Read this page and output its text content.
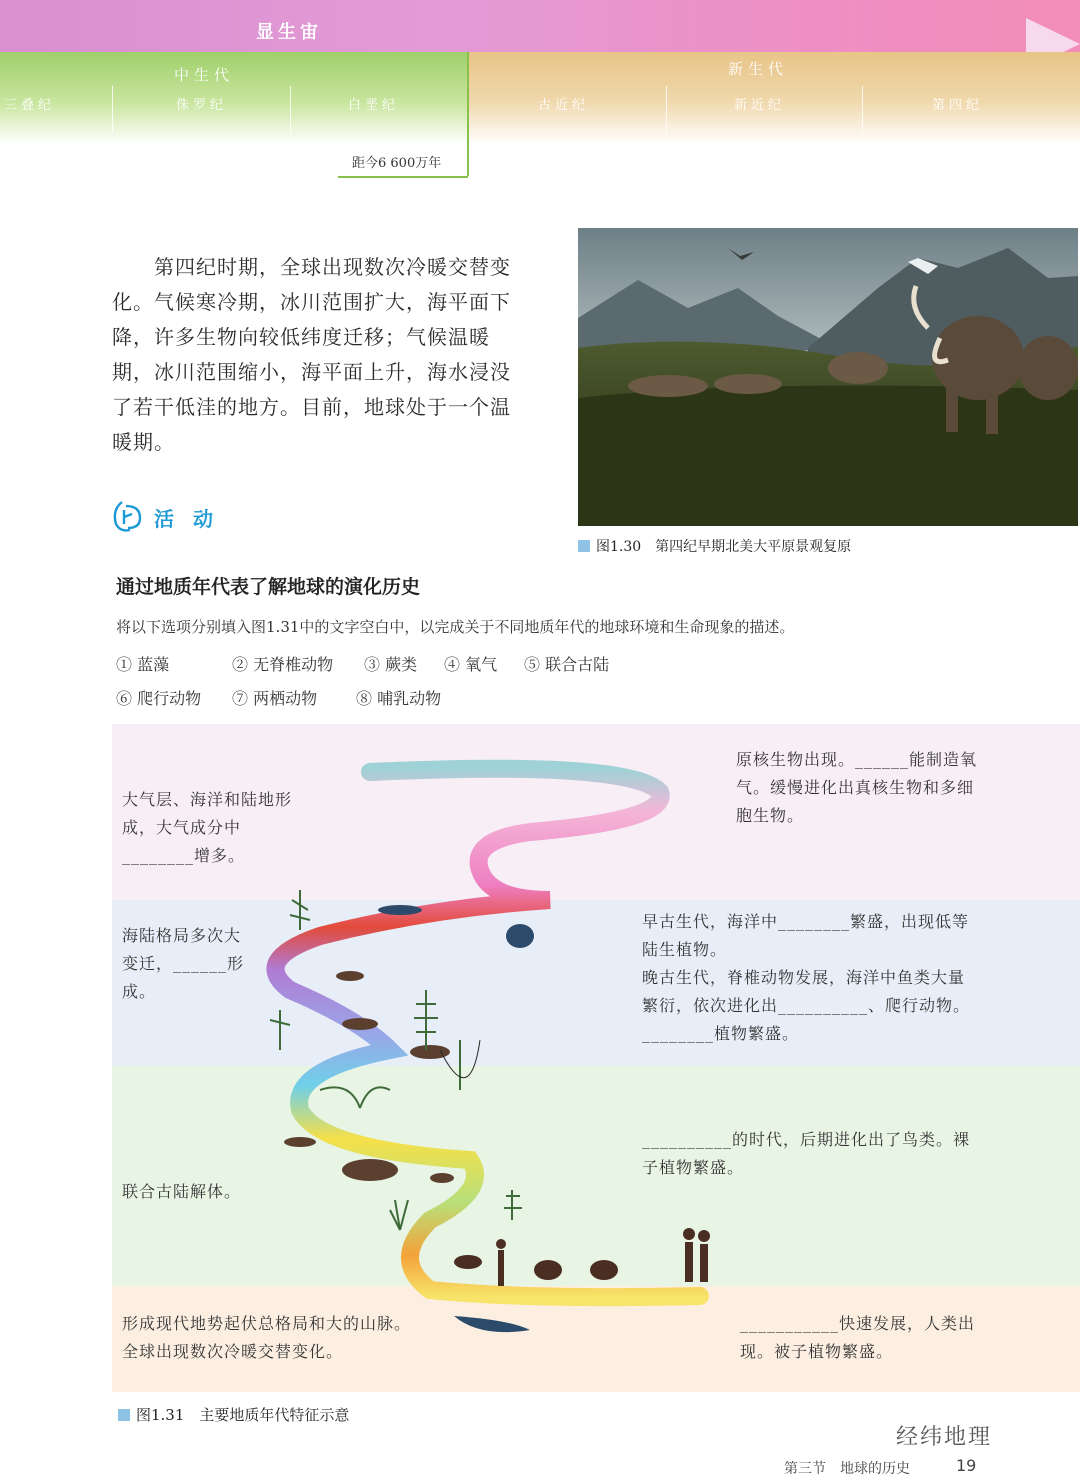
显生宙
中生代	新生代
三叠纪	侏罗纪	白垩纪	古近纪	新近纪	第四纪
距今6 600万年
第四纪时期，全球出现数次冷暖交替变化。气候寒冷期，冰川范围扩大，海平面下降，许多生物向较低纬度迁移；气候温暖期，冰川范围缩小，海平面上升，海水浸没了若干低洼的地方。目前，地球处于一个温暖期。
图1.30　 第四纪早期北美大平原景观复原
活 动
通过地质年代表了解地球的演化历史
将以下选项分别填入图1.31中的文字空白中，以完成关于不同地质年代的地球环境和生命现象的描述。
① 蓝藻	② 无脊椎动物 ③ 蕨类 ④ 氧气 ⑤ 联合古陆
⑥ 爬行动物 ⑦ 两栖动物 ⑧ 哺乳动物
大气层、海洋和陆地形成，大气成分中________增多。
海陆格局多次大变迁，______形成。
联合古陆解体。
形成现代地势起伏总格局和大的山脉。全球出现数次冷暖交替变化。
原核生物出现。______能制造氧气。缓慢进化出真核生物和多细胞生物。
早古生代，海洋中________繁盛，出现低等陆生植物。
晚古生代，脊椎动物发展，海洋中鱼类大量繁衍，依次进化出__________、爬行动物。________植物繁盛。
__________的时代，后期进化出了鸟类。裸子植物繁盛。
___________快速发展，人类出现。被子植物繁盛。
图1.31　 主要地质年代特征示意
经纬地理
第三节　地球的历史	19
